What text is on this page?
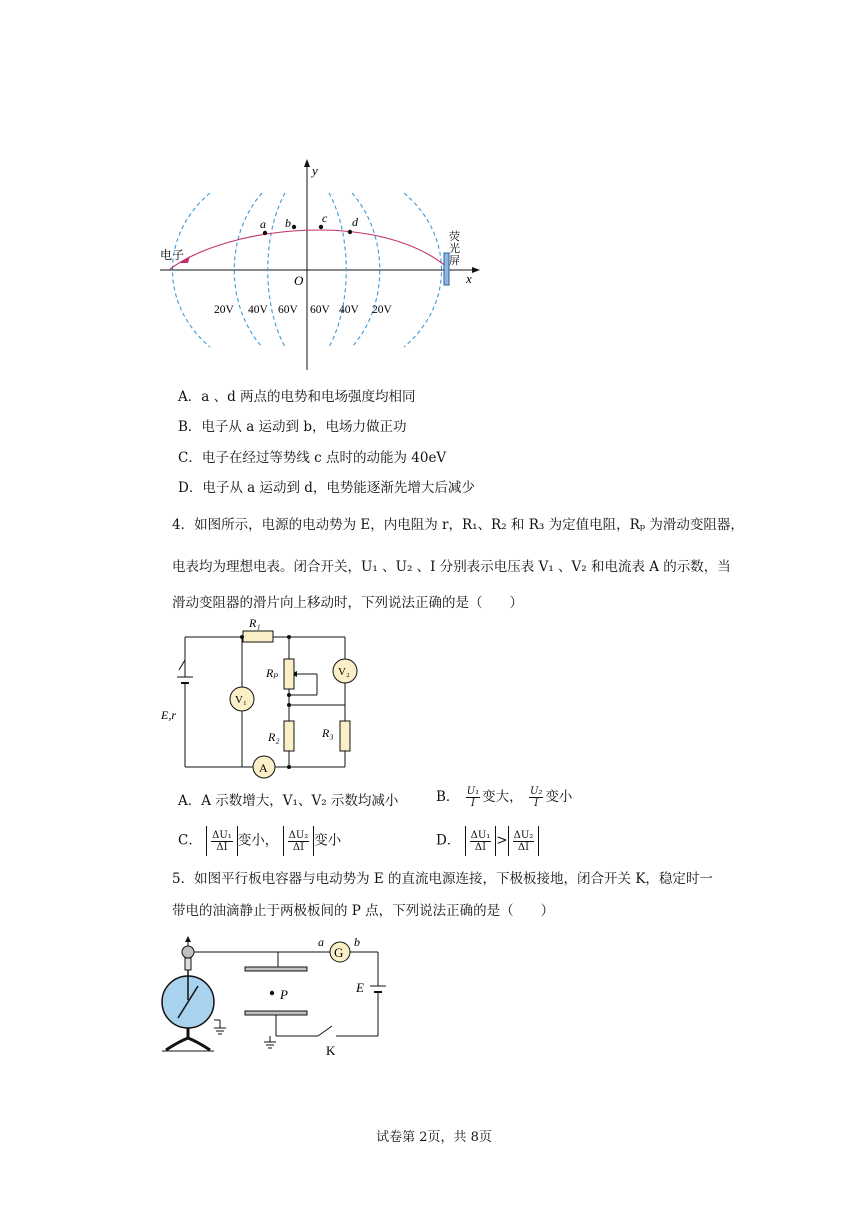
y
x
O
电子
a b	c d
荧
光
屏
20V 40V 60V 60V 40V 20V
A．a 、d 两点的电势和电场强度均相同
B．电子从 a 运动到 b，电场力做正功
C．电子在经过等势线 c 点时的动能为 40eV
D．电子从 a 运动到 d，电势能逐渐先增大后减少
4．如图所示，电源的电动势为 E，内电阻为 r，R₁、R₂ 和 R₃ 为定值电阻，Rₚ 为滑动变阻器，
电表均为理想电表。闭合开关，U₁ 、U₂ 、I 分别表示电压表 V₁ 、V₂ 和电流表 A 的示数，当
滑动变阻器的滑片向上移动时，下列说法正确的是（　　）
R₁
Rₚ
R₂	R₃
V₁
V₂
A
E,r
A．A 示数增大，V₁、V₂ 示数均减小	B． $\frac{\text{U₁}}{I}$ 变大， $\frac{\text{U₂}}{I}$ 变小
C． $\frac{\text{ΔU₁}}{\Delta I}$ 变小， $\frac{\text{ΔU₂}}{\Delta I}$ 变小	D． $\frac{\text{ΔU₁}}{\Delta I} > \frac{\text{ΔU₂}}{\Delta I}$
5．如图平行板电容器与电动势为 E 的直流电源连接，下极板接地，闭合开关 K，稳定时一
带电的油滴静止于两极板间的 P 点，下列说法正确的是（　　）
P
G
a	b
E
K
试卷第 2页，共 8页
